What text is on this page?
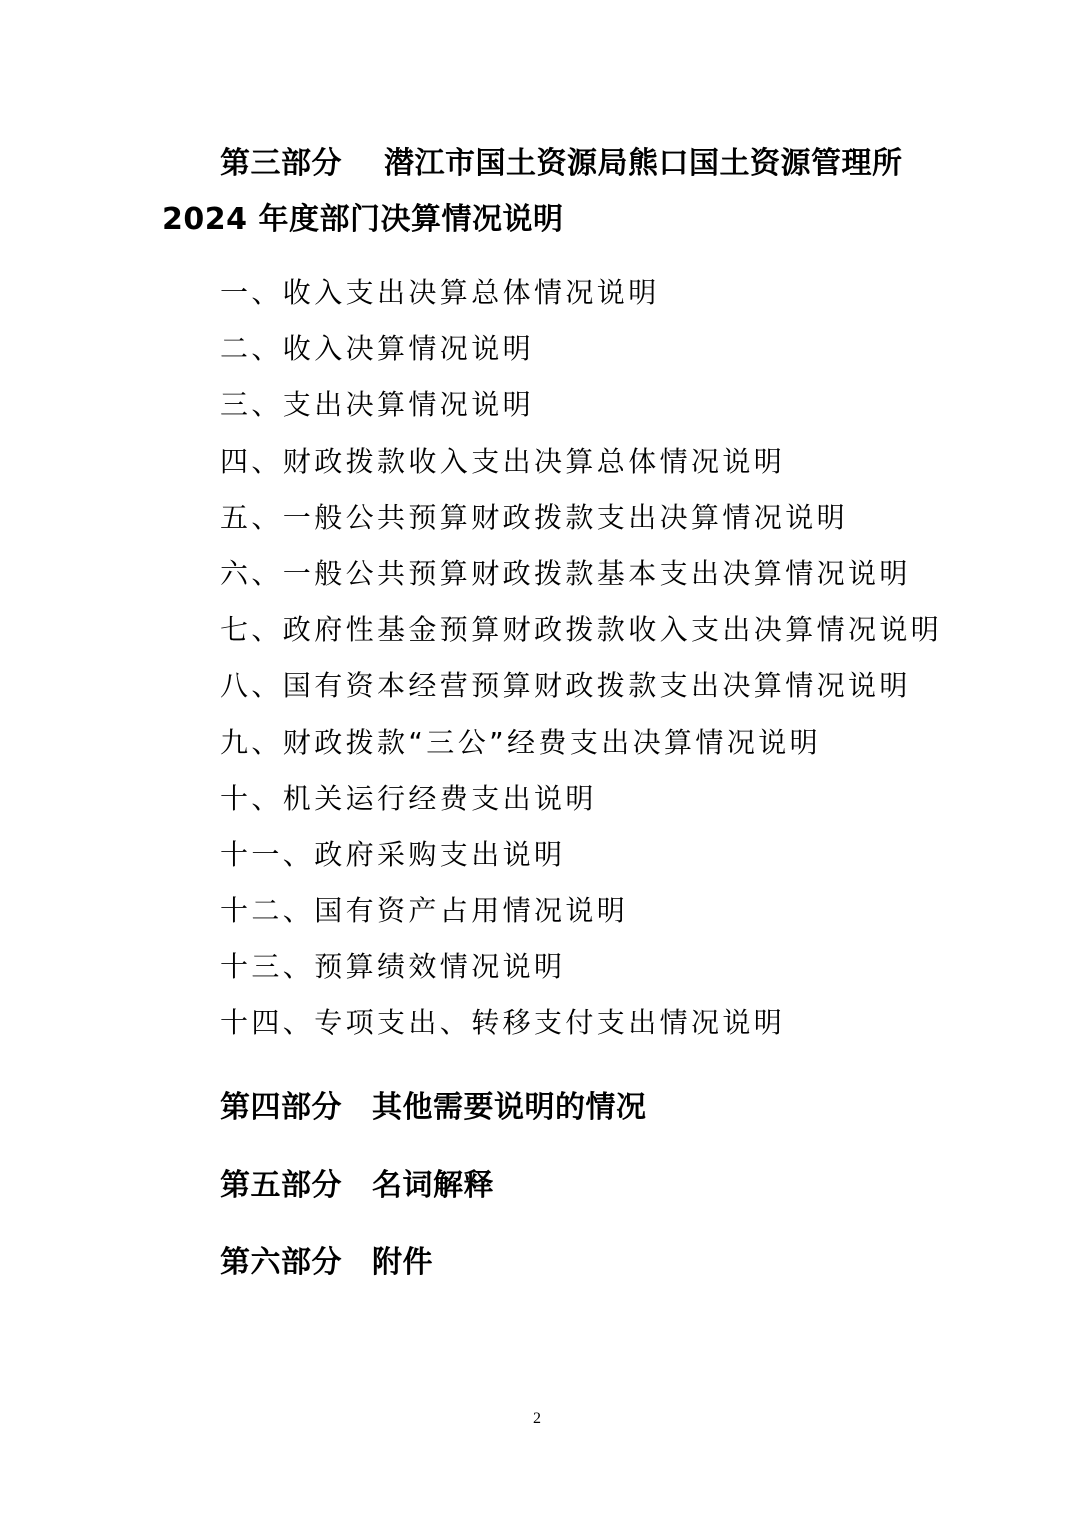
第三部分 潜江市国土资源局熊口国土资源管理所
2024 年度部门决算情况说明
一、收入支出决算总体情况说明
二、收入决算情况说明
三、支出决算情况说明
四、财政拨款收入支出决算总体情况说明
五、一般公共预算财政拨款支出决算情况说明
六、一般公共预算财政拨款基本支出决算情况说明
七、政府性基金预算财政拨款收入支出决算情况说明
八、国有资本经营预算财政拨款支出决算情况说明
九、财政拨款“三公”经费支出决算情况说明
十、机关运行经费支出说明
十一、政府采购支出说明
十二、国有资产占用情况说明
十三、预算绩效情况说明
十四、专项支出、转移支付支出情况说明
第四部分 其他需要说明的情况
第五部分 名词解释
第六部分 附件
2
